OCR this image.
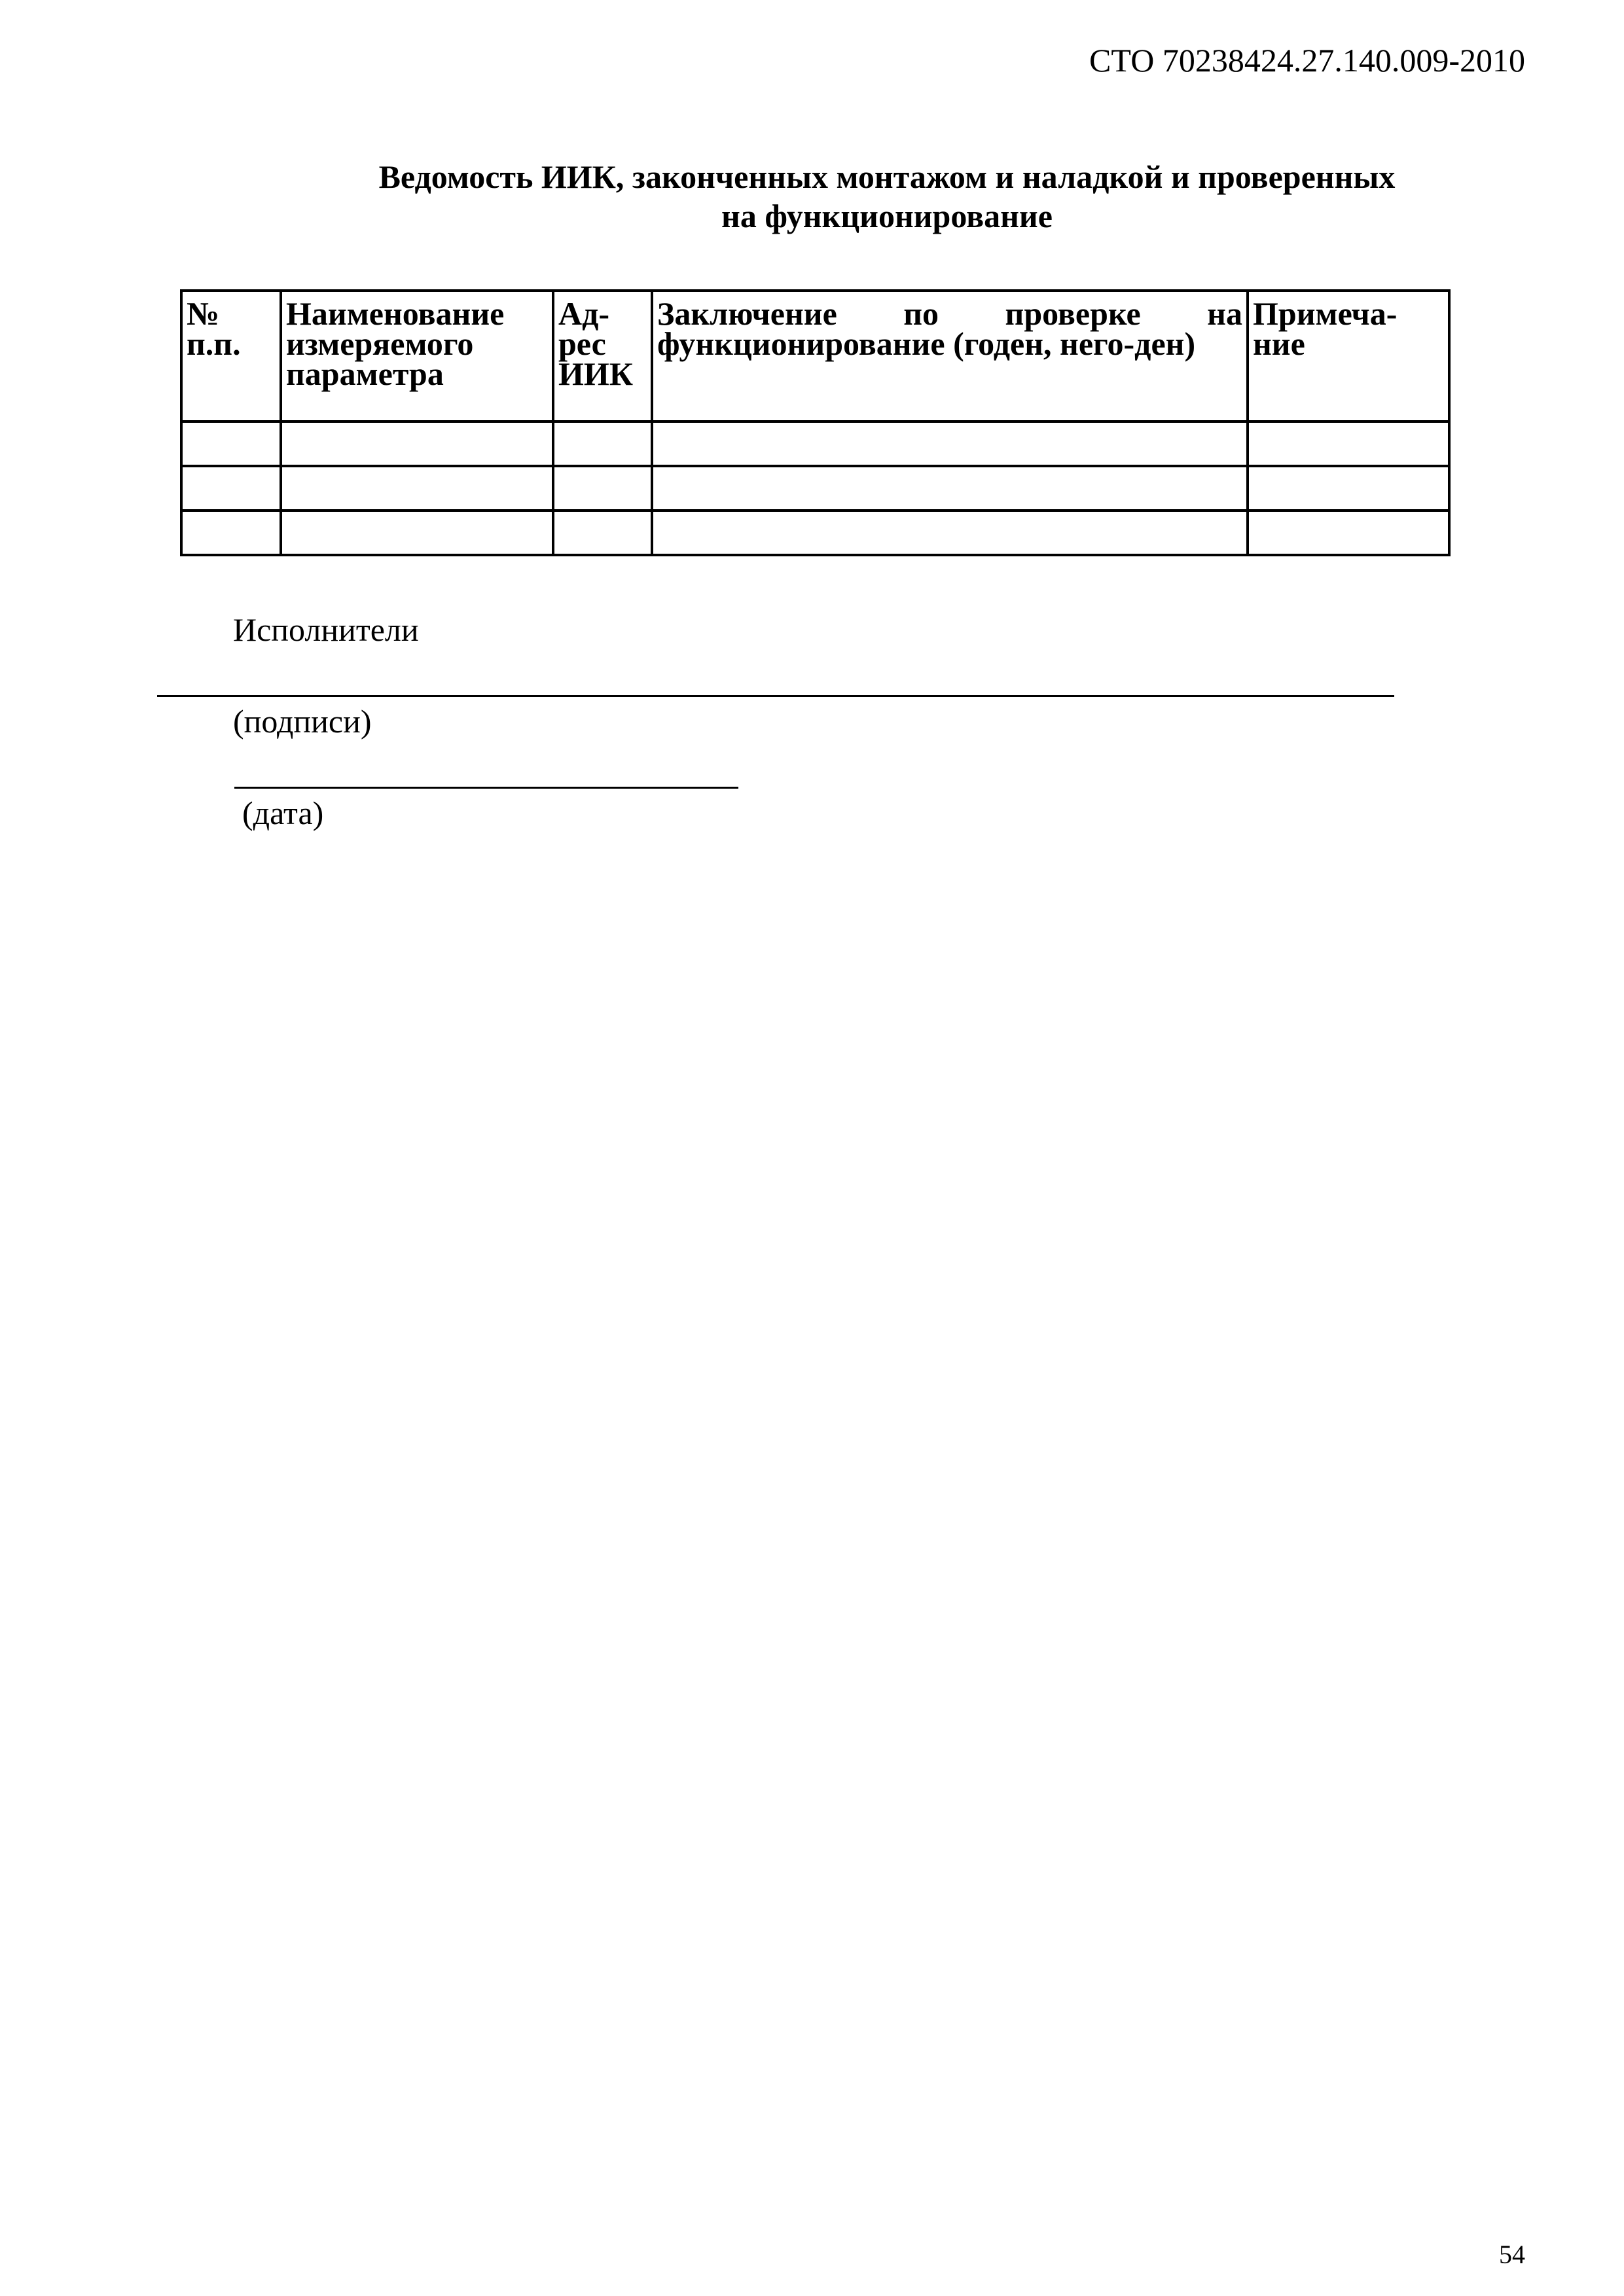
СТО 70238424.27.140.009-2010
Ведомость ИИК, законченных монтажом и наладкой и проверенных
на функционирование
№ п.п.	Наименование измеряемого параметра	Ад-рес ИИК	Заключение по проверке на функционирование (годен, него-ден)	Примеча-ние

Исполнители
(подписи)
(дата)
54
